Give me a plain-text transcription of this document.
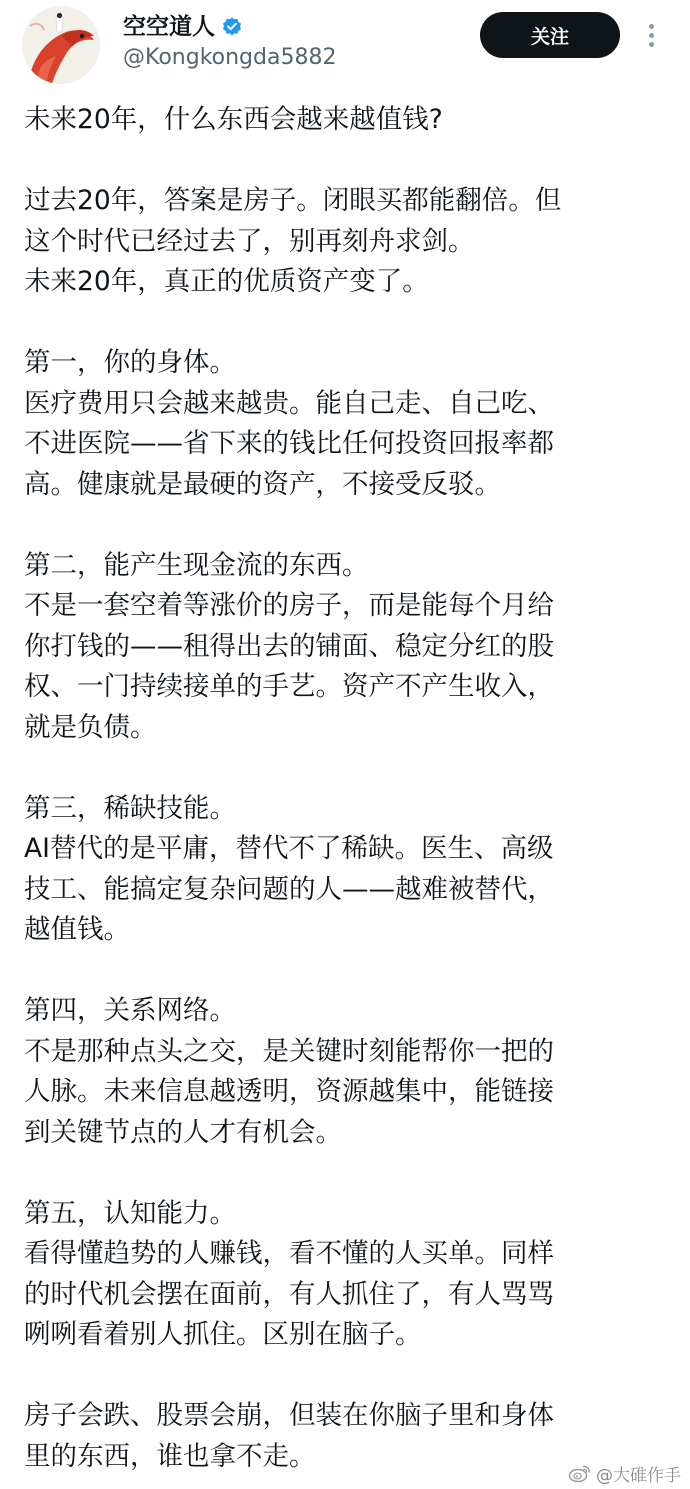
空空道人
@Kongkongda5882
关注

未来20年，什么东西会越来越值钱?

过去20年，答案是房子。闭眼买都能翻倍。但
这个时代已经过去了，别再刻舟求剑。
未来20年，真正的优质资产变了。

第一，你的身体。
医疗费用只会越来越贵。能自己走、自己吃、
不进医院——省下来的钱比任何投资回报率都
高。健康就是最硬的资产，不接受反驳。

第二，能产生现金流的东西。
不是一套空着等涨价的房子，而是能每个月给
你打钱的——租得出去的铺面、稳定分红的股
权、一门持续接单的手艺。资产不产生收入，
就是负债。

第三，稀缺技能。
AI替代的是平庸，替代不了稀缺。医生、高级
技工、能搞定复杂问题的人——越难被替代，
越值钱。

第四，关系网络。
不是那种点头之交，是关键时刻能帮你一把的
人脉。未来信息越透明，资源越集中，能链接
到关键节点的人才有机会。

第五，认知能力。
看得懂趋势的人赚钱，看不懂的人买单。同样
的时代机会摆在面前，有人抓住了，有人骂骂
咧咧看着别人抓住。区别在脑子。

房子会跌、股票会崩，但装在你脑子里和身体
里的东西，谁也拿不走。

@大碓作手
